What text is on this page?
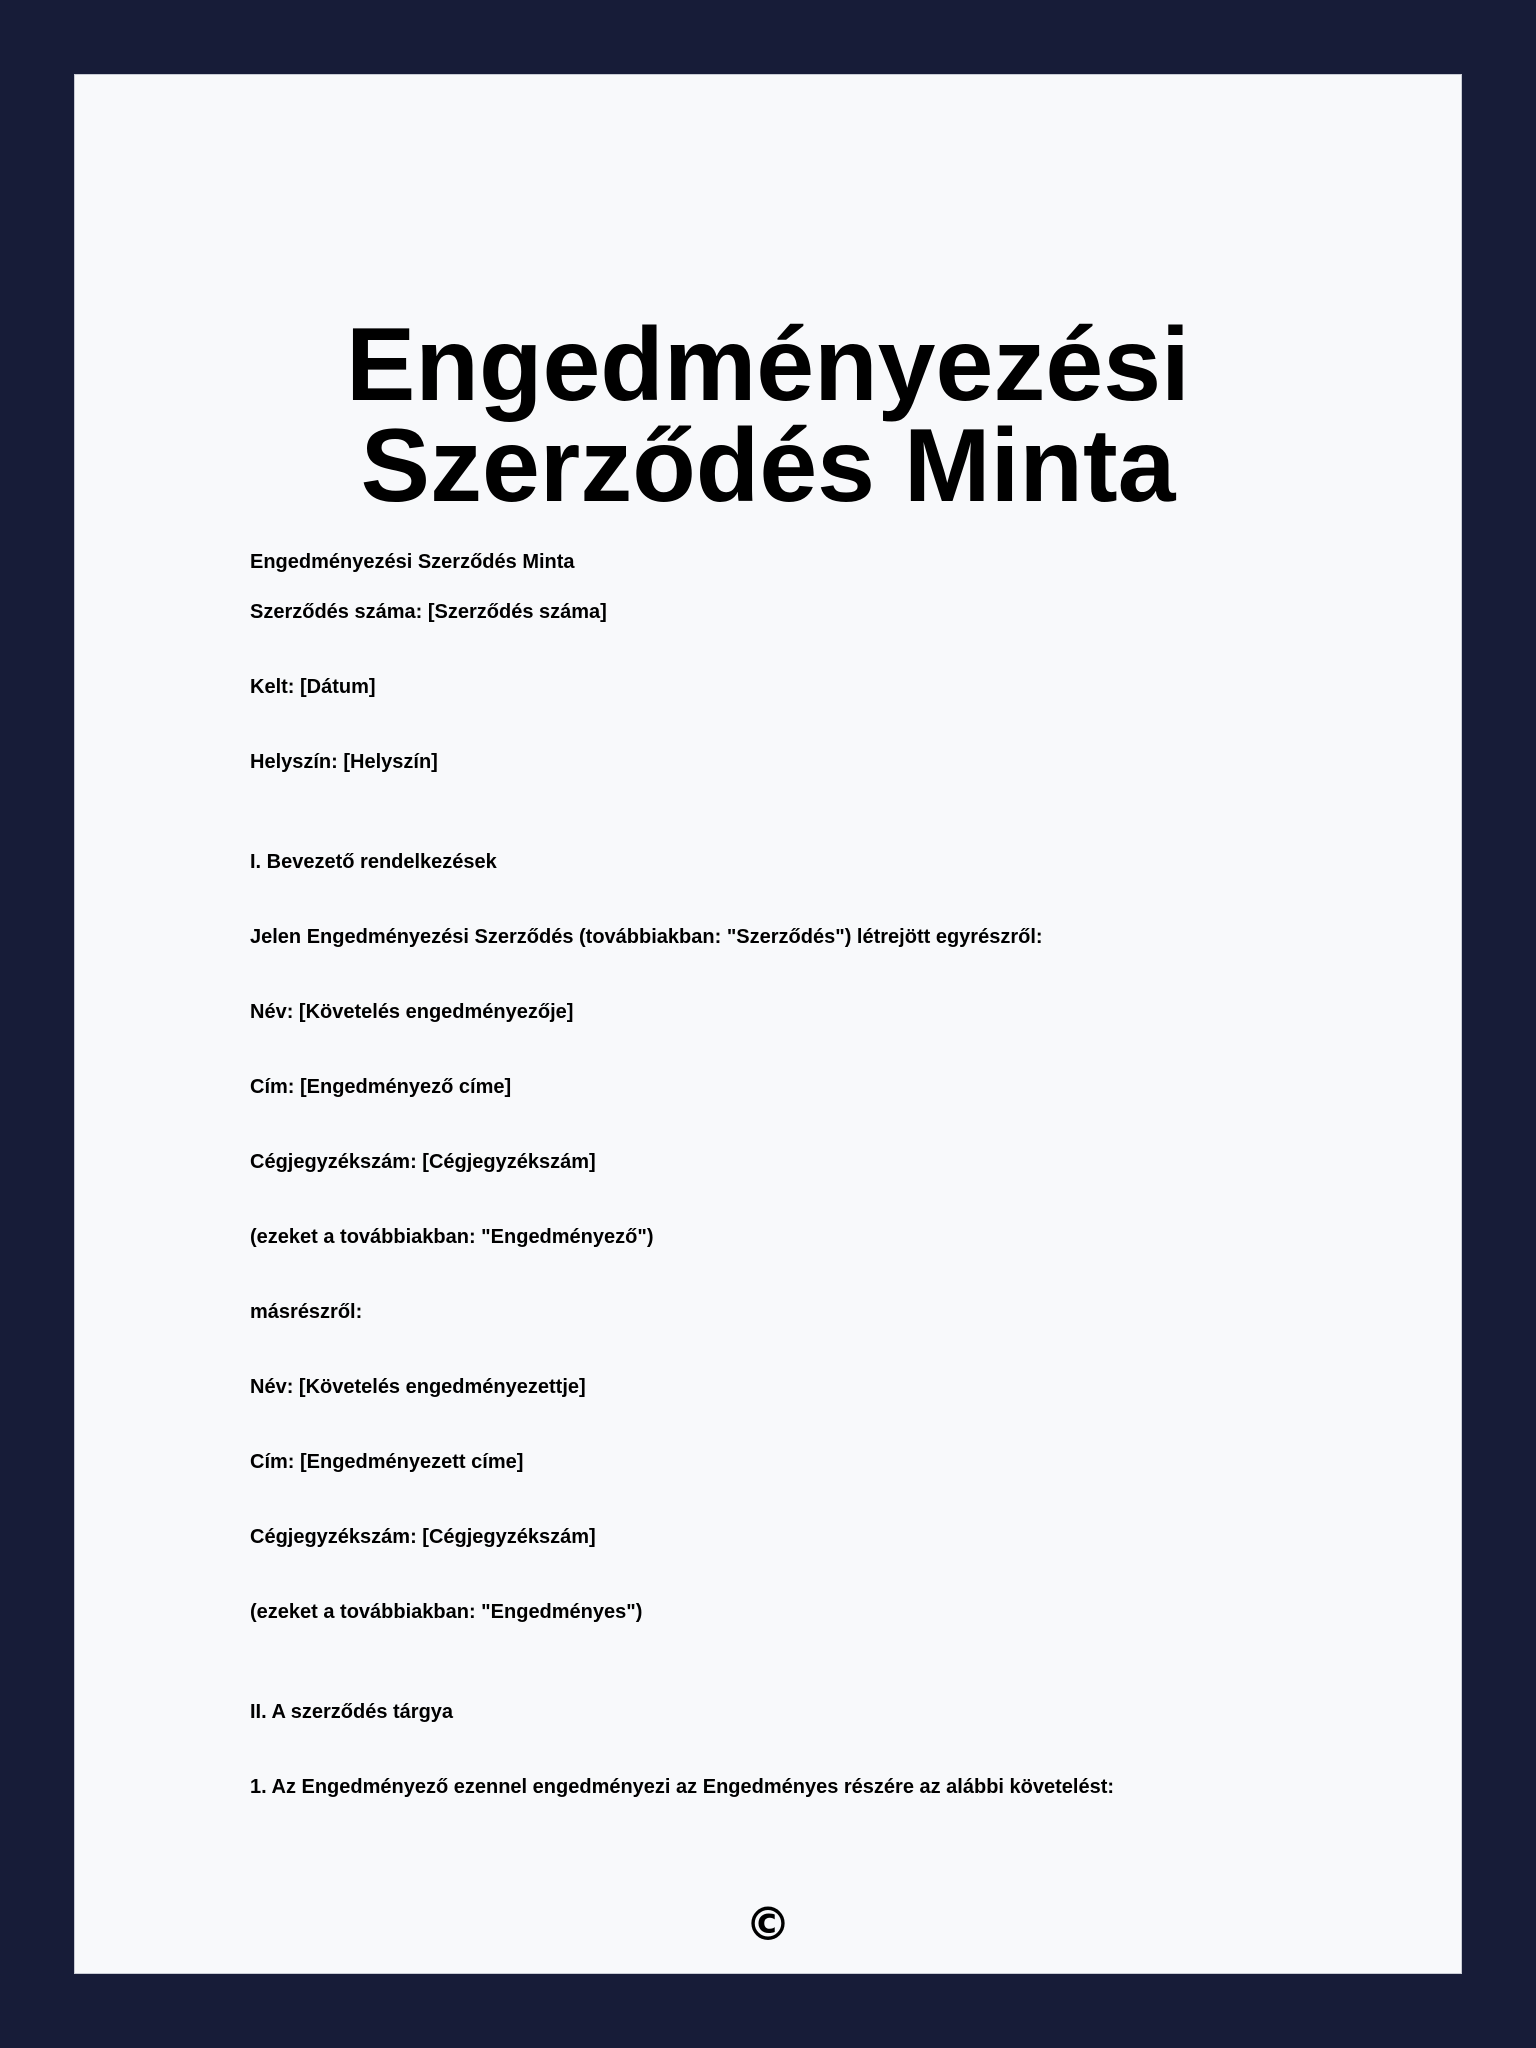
Engedményezési Szerződés Minta
Engedményezési Szerződés Minta
Szerződés száma: [Szerződés száma]
Kelt: [Dátum]
Helyszín: [Helyszín]
I. Bevezető rendelkezések
Jelen Engedményezési Szerződés (továbbiakban: "Szerződés") létrejött egyrészről:
Név: [Követelés engedményezője]
Cím: [Engedményező címe]
Cégjegyzékszám: [Cégjegyzékszám]
(ezeket a továbbiakban: "Engedményező")
másrészről:
Név: [Követelés engedményezettje]
Cím: [Engedményezett címe]
Cégjegyzékszám: [Cégjegyzékszám]
(ezeket a továbbiakban: "Engedményes")
II. A szerződés tárgya
1. Az Engedményező ezennel engedményezi az Engedményes részére az alábbi követelést:
©
